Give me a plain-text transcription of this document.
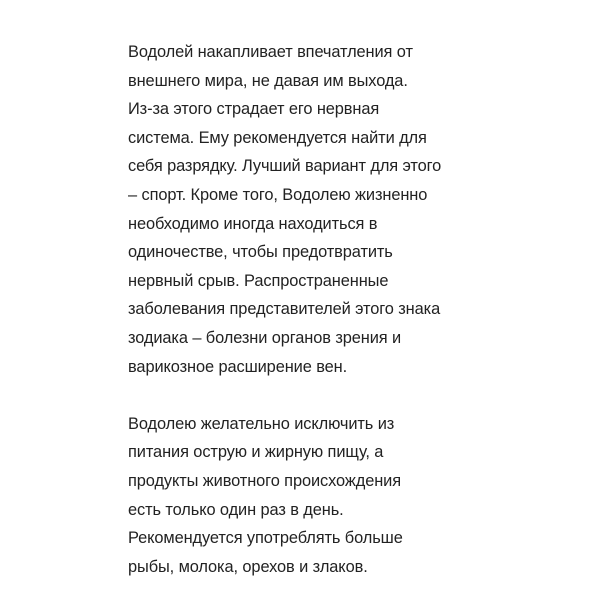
Водолей накапливает впечатления от
внешнего мира, не давая им выхода.
Из-за этого страдает его нервная
система. Ему рекомендуется найти для
себя разрядку. Лучший вариант для этого
– спорт. Кроме того, Водолею жизненно
необходимо иногда находиться в
одиночестве, чтобы предотвратить
нервный срыв. Распространенные
заболевания представителей этого знака
зодиака – болезни органов зрения и
варикозное расширение вен.

Водолею желательно исключить из
питания острую и жирную пищу, а
продукты животного происхождения
есть только один раз в день.
Рекомендуется употреблять больше
рыбы, молока, орехов и злаков.
